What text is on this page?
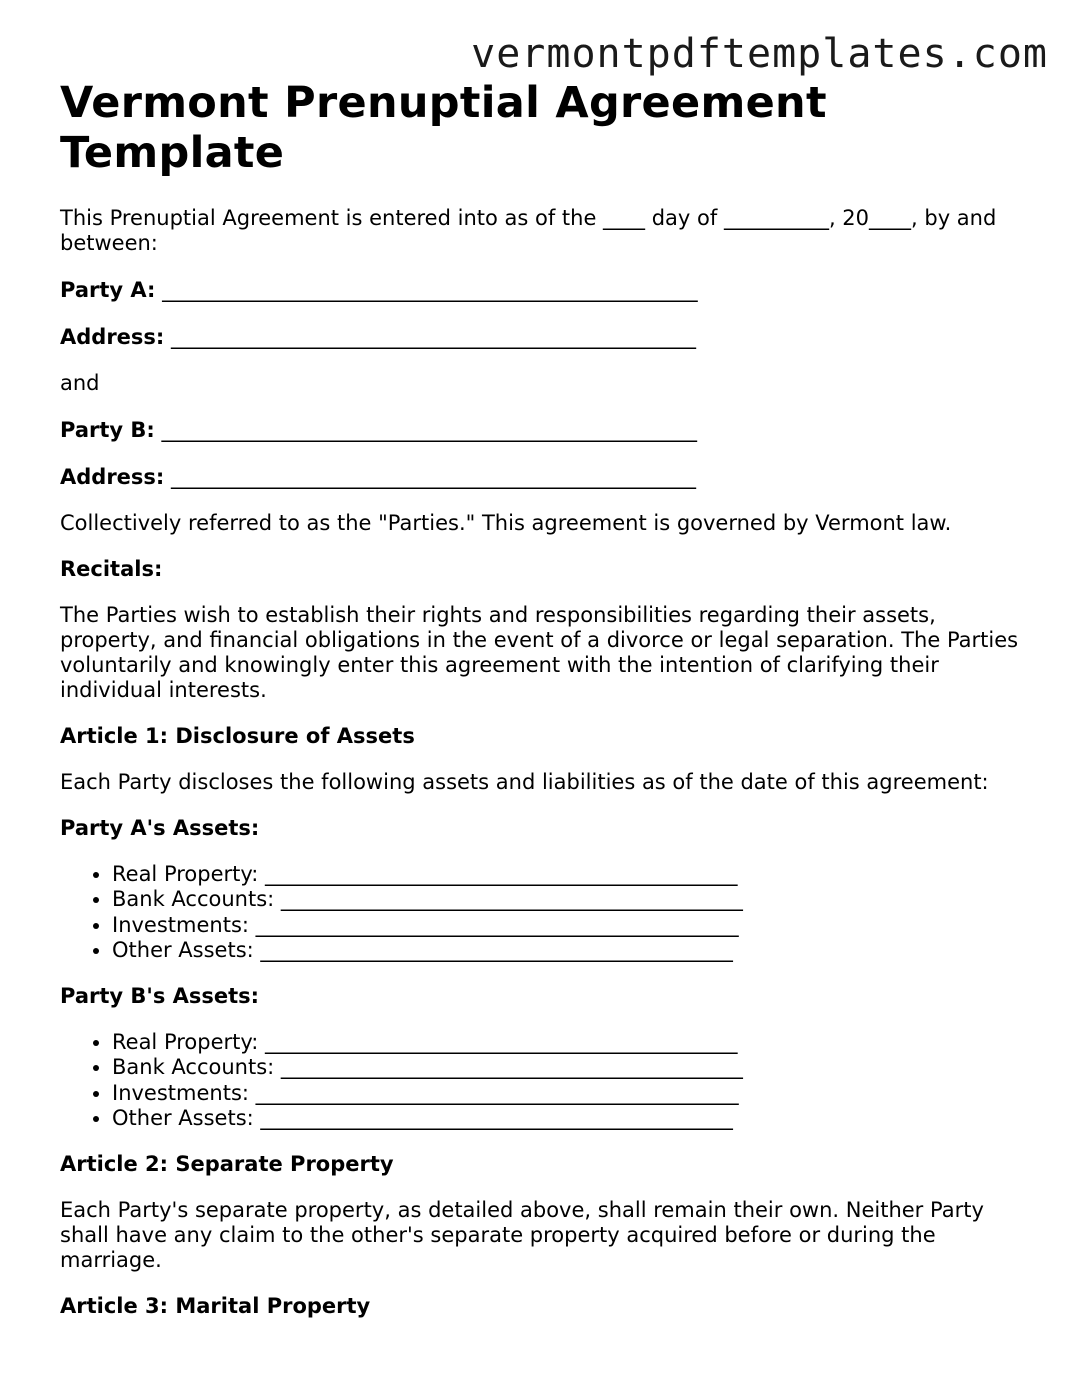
vermontpdftemplates.com
Vermont Prenuptial Agreement Template

This Prenuptial Agreement is entered into as of the ____ day of __________, 20____, by and between:

Party A: ___________________________________________________

Address: __________________________________________________

and

Party B: ___________________________________________________

Address: __________________________________________________

Collectively referred to as the "Parties." This agreement is governed by Vermont law.

Recitals:

The Parties wish to establish their rights and responsibilities regarding their assets, property, and financial obligations in the event of a divorce or legal separation. The Parties voluntarily and knowingly enter this agreement with the intention of clarifying their individual interests.

Article 1: Disclosure of Assets

Each Party discloses the following assets and liabilities as of the date of this agreement:

Party A's Assets:

• Real Property: _____________________________________________
• Bank Accounts: ____________________________________________
• Investments: ______________________________________________
• Other Assets: _____________________________________________

Party B's Assets:

• Real Property: _____________________________________________
• Bank Accounts: ____________________________________________
• Investments: ______________________________________________
• Other Assets: _____________________________________________

Article 2: Separate Property

Each Party's separate property, as detailed above, shall remain their own. Neither Party shall have any claim to the other's separate property acquired before or during the marriage.

Article 3: Marital Property
